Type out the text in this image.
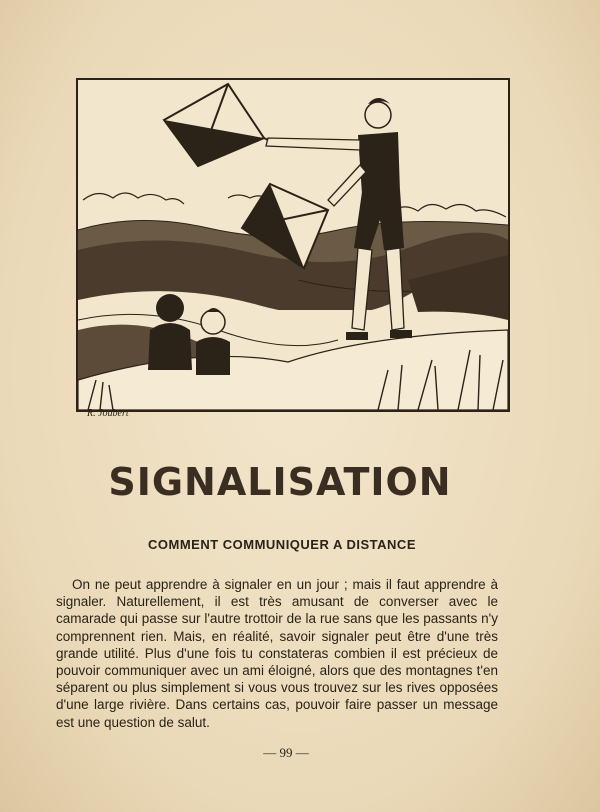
R. Joubert
SIGNALISATION
COMMENT COMMUNIQUER A DISTANCE
On ne peut apprendre à signaler en un jour ; mais il faut apprendre à signaler. Naturellement, il est très amusant de converser avec le camarade qui passe sur l'autre trottoir de la rue sans que les passants n'y comprennent rien. Mais, en réalité, savoir signaler peut être d'une très grande utilité. Plus d'une fois tu constateras combien il est précieux de pouvoir communiquer avec un ami éloigné, alors que des montagnes t'en séparent ou plus simplement si vous vous trouvez sur les rives opposées d'une large rivière. Dans certains cas, pouvoir faire passer un message est une question de salut.
— 99 —
